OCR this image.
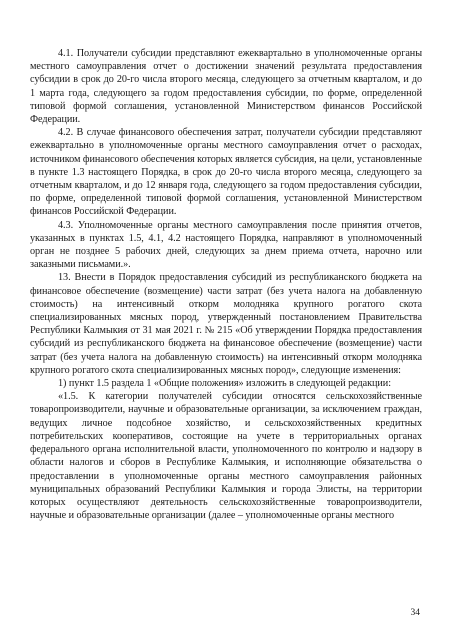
4.1. Получатели субсидии представляют ежеквартально в уполномоченные органы местного самоуправления отчет о достижении значений результата предоставления субсидии в срок до 20-го числа второго месяца, следующего за отчетным кварталом, и до 1 марта года, следующего за годом предоставления субсидии, по форме, определенной типовой формой соглашения, установленной Министерством финансов Российской Федерации.

4.2. В случае финансового обеспечения затрат, получатели субсидии представляют ежеквартально в уполномоченные органы местного самоуправления отчет о расходах, источником финансового обеспечения которых является субсидия, на цели, установленные в пункте 1.3 настоящего Порядка, в срок до 20-го числа второго месяца, следующего за отчетным кварталом, и до 12 января года, следующего за годом предоставления субсидии, по форме, определенной типовой формой соглашения, установленной Министерством финансов Российской Федерации.

4.3. Уполномоченные органы местного самоуправления после принятия отчетов, указанных в пунктах 1.5, 4.1, 4.2 настоящего Порядка, направляют в уполномоченный орган не позднее 5 рабочих дней, следующих за днем приема отчета, нарочно или заказными письмами.».

13. Внести в Порядок предоставления субсидий из республиканского бюджета на финансовое обеспечение (возмещение) части затрат (без учета налога на добавленную стоимость) на интенсивный откорм молодняка крупного рогатого скота специализированных мясных пород, утвержденный постановлением Правительства Республики Калмыкия от 31 мая 2021 г. № 215 «Об утверждении Порядка предоставления субсидий из республиканского бюджета на финансовое обеспечение (возмещение) части затрат (без учета налога на добавленную стоимость) на интенсивный откорм молодняка крупного рогатого скота специализированных мясных пород», следующие изменения:

1) пункт 1.5 раздела 1 «Общие положения» изложить в следующей редакции:

«1.5. К категории получателей субсидии относятся сельскохозяйственные товаропроизводители, научные и образовательные организации, за исключением граждан, ведущих личное подсобное хозяйство, и сельскохозяйственных кредитных потребительских кооперативов, состоящие на учете в территориальных органах федерального органа исполнительной власти, уполномоченного по контролю и надзору в области налогов и сборов в Республике Калмыкия, и исполняющие обязательства о предоставлении в уполномоченные органы местного самоуправления районных муниципальных образований Республики Калмыкия и города Элисты, на территории которых осуществляют деятельность сельскохозяйственные товаропроизводители, научные и образовательные организации (далее – уполномоченные органы местного

34
